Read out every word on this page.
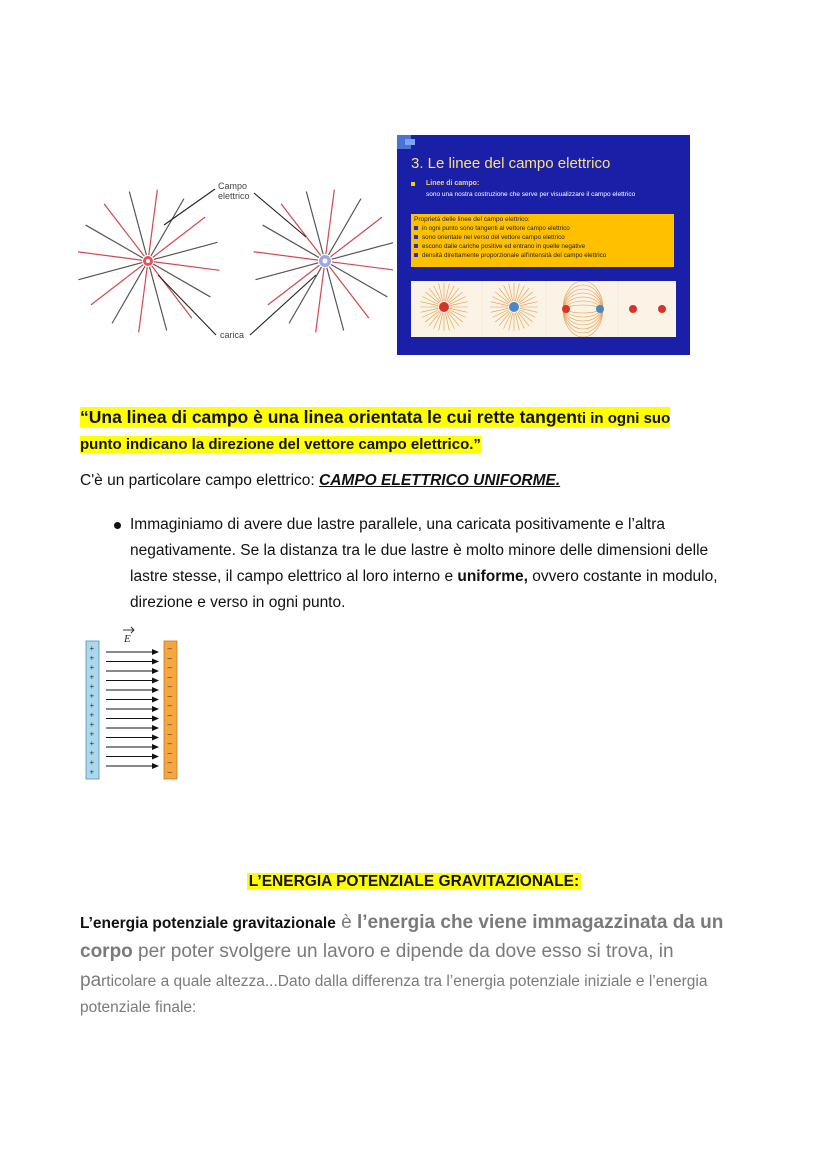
Campo
elettrico
carica
3. Le linee del campo elettrico
Linee di campo:
sono una nostra costruzione che serve per visualizzare il campo elettrico
Proprietà delle linee del campo elettrico:
in ogni punto sono tangenti al vettore campo elettrico
sono orientate nel verso del vettore campo elettrico
escono dalle cariche positive ed entrano in quelle negative
densità direttamente proporzionale all'intensità del campo elettrico
“Una linea di campo è una linea orientata le cui rette tangenti in ogni suo
punto indicano la direzione del vettore campo elettrico.”
C'è un particolare campo elettrico: CAMPO ELETTRICO UNIFORME.
Immaginiamo di avere due lastre parallele, una caricata positivamente e l’altra negativamente. Se la distanza tra le due lastre è molto minore delle dimensioni delle lastre stesse, il campo elettrico al loro interno e uniforme, ovvero costante in modulo, direzione e verso in ogni punto.
E
+	–
+	–
+	–
+	–
+	–
+	–
+	–
+	–
+	–
+	–
+	–
+	–
+	–
+	–
L’ENERGIA POTENZIALE GRAVITAZIONALE:
L’energia potenziale gravitazionale è l’energia che viene immagazzinata da un corpo per poter svolgere un lavoro e dipende da dove esso si trova, in
particolare a quale altezza...Dato dalla differenza tra l’energia potenziale iniziale e l’energia potenziale finale:
